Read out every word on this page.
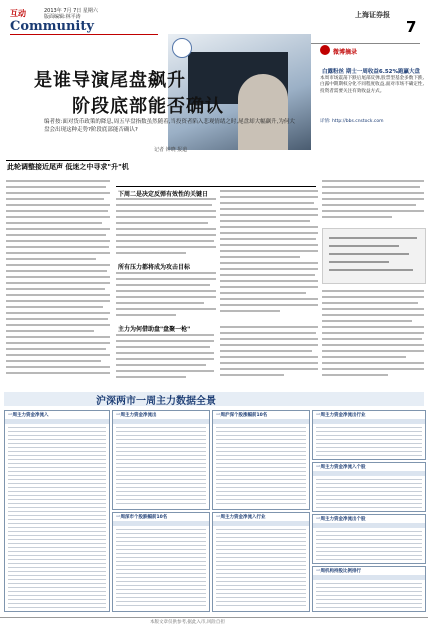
互动	2013年 7月 7日 星期六
版面编辑:林平涛
Community
上海证券报
7
是谁导演尾盘飙升
阶段底部能否确认
编者按:面对货币政策的降息,周五早盘指数虽然随着,当投资者陷入悲观情绪之时,尾盘却大幅飙升,为何大盘会出现这种走势?阶段底部能否确认?
记者 钟晓 报道
微博摘录
白露粉丝 期士一周收益6.52%跑赢大盘
本周市场震荡下跌后尾部反弹,股票型基金多数下跌,白露中期期权分化不同程度收益,面对市场不确定性,投资者需要关注有效收益方式。
详情: http://bbs.cnstock.com
此轮调整接近尾声 低迷之中寻求"升"机
下周二是决定反弹有效性的关键日
所有压力都将成为攻击目标
主力为何借助盘"盘聚一枪"
沪深两市一周主力数据全景
一周主力资金净流入	一周主力资金净流出	一周沪深个股涨幅前10名
一周深市个股跌幅前10名	一周主力资金净流入行业
一周主力资金净流出行业
一周主力资金净流入个股
一周主力资金净流出个股
一周机构持股比例排行
本版文章仅供参考,据此入市,风险自担
